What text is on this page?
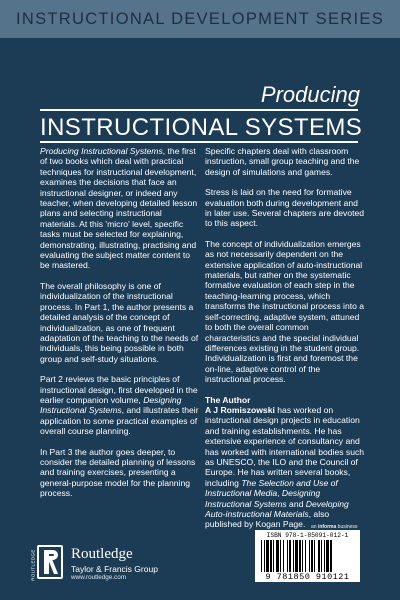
INSTRUCTIONAL DEVELOPMENT SERIES
Producing
INSTRUCTIONAL SYSTEMS

Producing Instructional Systems, the first of two books which deal with practical techniques for instructional development, examines the decisions that face an instructional designer, or indeed any teacher, when developing detailed lesson plans and selecting instructional materials. At this 'micro' level, specific tasks must be selected for explaining, demonstrating, illustrating, practising and evaluating the subject matter content to be mastered.

The overall philosophy is one of individualization of the instructional process. In Part 1, the author presents a detailed analysis of the concept of individualization, as one of frequent adaptation of the teaching to the needs of individuals, this being possible in both group and self-study situations.

Part 2 reviews the basic principles of instructional design, first developed in the earlier companion volume, Designing Instructional Systems, and illustrates their application to some practical examples of overall course planning.

In Part 3 the author goes deeper, to consider the detailed planning of lessons and training exercises, presenting a general-purpose model for the planning process.

Specific chapters deal with classroom instruction, small group teaching and the design of simulations and games.

Stress is laid on the need for formative evaluation both during development and in later use. Several chapters are devoted to this aspect.

The concept of individualization emerges as not necessarily dependent on the extensive application of auto-instructional materials, but rather on the systematic formative evaluation of each step in the teaching-learning process, which transforms the instructional process into a self-correcting, adaptive system, attuned to both the overall common characteristics and the special individual differences existing in the student group. Individualization is first and foremost the on-line, adaptive control of the instructional process.

The Author

A J Romiszowski has worked on instructional design projects in education and training establishments. He has extensive experience of consultancy and has worked with international bodies such as UNESCO, the ILO and the Council of Europe. He has written several books, including The Selection and Use of Instructional Media, Designing Instructional Systems and Developing Auto-instructional Materials, also published by Kogan Page.	an informa business
ROUTLEDGE Routledge
Taylor & Francis Group
www.routledge.com
ISBN 978-1-85091-012-1
9 781850 910121
